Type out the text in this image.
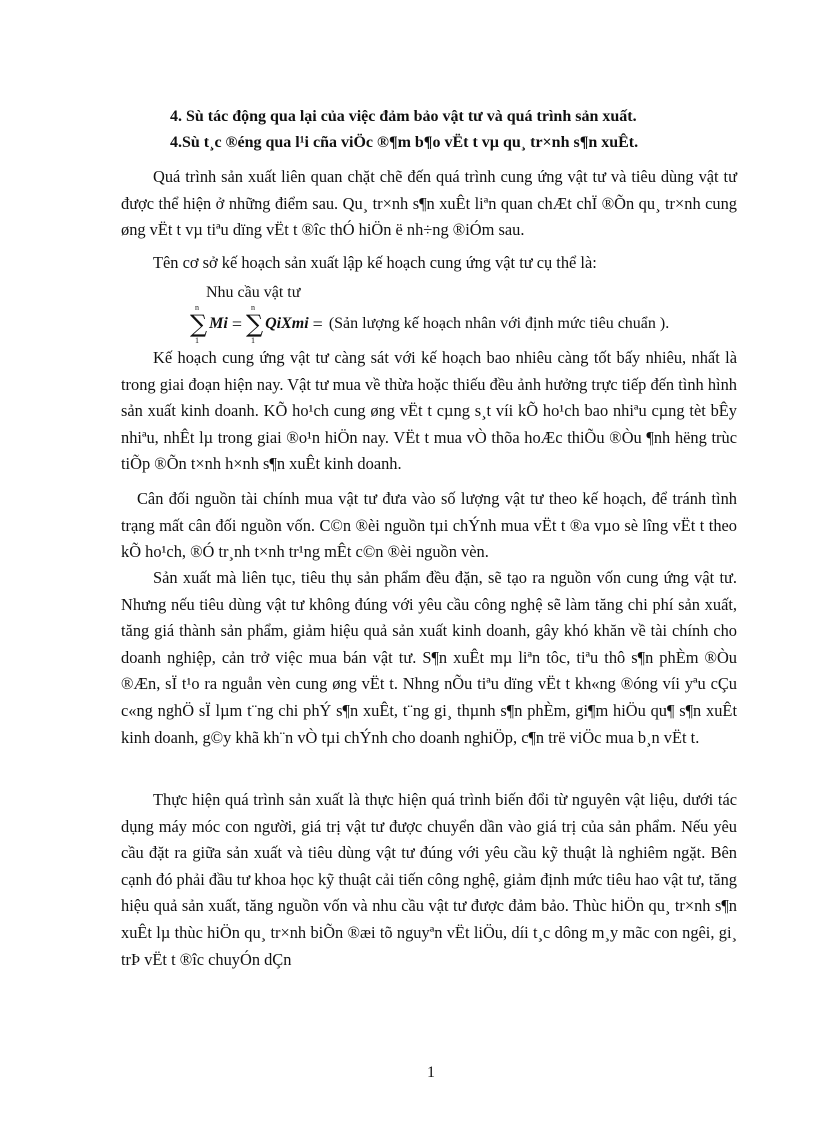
4. Sù tác động qua lại của việc đảm bảo vật tư và quá trình sản xuất.
4.Sù t¸c ®éng qua l¹i cña viÖc ®¶m b¶o vËt t vµ qu¸ tr×nh s¶n xuÊt.

Quá trình sản xuất liên quan chặt chẽ đến quá trình cung ứng vật tư và tiêu dùng vật tư được thể hiện ở những điểm sau. Qu¸ tr×nh s¶n xuÊt liªn quan chÆt chÏ ®Õn qu¸ tr×nh cung øng vËt t vµ tiªu dïng vËt t ®îc thÓ hiÖn ë nh÷ng ®iÓm sau.

Tên cơ sở kế hoạch sản xuất lập kế hoạch cung ứng vật tư cụ thể là:

Nhu cầu vật tư
∑
n
1
Mi = ∑
n
1
QiXmi = (Sản lượng kế hoạch nhân với định mức tiêu chuẩn ).

Kế hoạch cung ứng vật tư càng sát với kế hoạch bao nhiêu càng tốt bấy nhiêu, nhất là trong giai đoạn hiện nay. Vật tư mua về thừa hoặc thiếu đều ảnh hưởng trực tiếp đến tình hình sản xuất kinh doanh. KÕ ho¹ch cung øng vËt t cµng s¸t víi kÕ ho¹ch bao nhiªu cµng tèt bÊy nhiªu, nhÊt lµ trong giai ®o¹n hiÖn nay. VËt t mua vÒ thõa hoÆc thiÕu ®Òu ¶nh hëng trùc tiÕp ®Õn t×nh h×nh s¶n xuÊt kinh doanh.

Cân đối nguồn tài chính mua vật tư đưa vào số lượng vật tư theo kế hoạch, để tránh tình trạng mất cân đối nguồn vốn. C©n ®èi nguồn tµi chÝnh mua vËt t ®a vµo sè lîng vËt t theo kÕ ho¹ch, ®Ó tr¸nh t×nh tr¹ng mÊt c©n ®èi nguồn vèn.

Sản xuất mà liên tục, tiêu thụ sản phẩm đều đặn, sẽ tạo ra nguồn vốn cung ứng vật tư. Nhưng nếu tiêu dùng vật tư không đúng với yêu cầu công nghệ sẽ làm tăng chi phí sản xuất, tăng giá thành sản phẩm, giảm hiệu quả sản xuất kinh doanh, gây khó khăn về tài chính cho doanh nghiệp, cản trở việc mua bán vật tư. S¶n xuÊt mµ liªn tôc, tiªu thô s¶n phÈm ®Òu ®Æn, sÏ t¹o ra nguån vèn cung øng vËt t. Nhng nÕu tiªu dïng vËt t kh«ng ®óng víi yªu cÇu c«ng nghÖ sÏ lµm t¨ng chi phÝ s¶n xuÊt, t¨ng gi¸ thµnh s¶n phÈm, gi¶m hiÖu qu¶ s¶n xuÊt kinh doanh, g©y khã kh¨n vÒ tµi chÝnh cho doanh nghiÖp, c¶n trë viÖc mua b¸n vËt t.

Thực hiện quá trình sản xuất là thực hiện quá trình biến đổi từ nguyên vật liệu, dưới tác dụng máy móc con người, giá trị vật tư được chuyển dần vào giá trị của sản phẩm. Nếu yêu cầu đặt ra giữa sản xuất và tiêu dùng vật tư đúng với yêu cầu kỹ thuật là nghiêm ngặt. Bên cạnh đó phải đầu tư khoa học kỹ thuật cải tiến công nghệ, giảm định mức tiêu hao vật tư, tăng hiệu quả sản xuất, tăng nguồn vốn và nhu cầu vật tư được đảm bảo. Thùc hiÖn qu¸ tr×nh s¶n xuÊt lµ thùc hiÖn qu¸ tr×nh biÕn ®æi tõ nguyªn vËt liÖu, díi t¸c dông m¸y mãc con ngêi, gi¸ trÞ vËt t ®îc chuyÓn dÇn

1
